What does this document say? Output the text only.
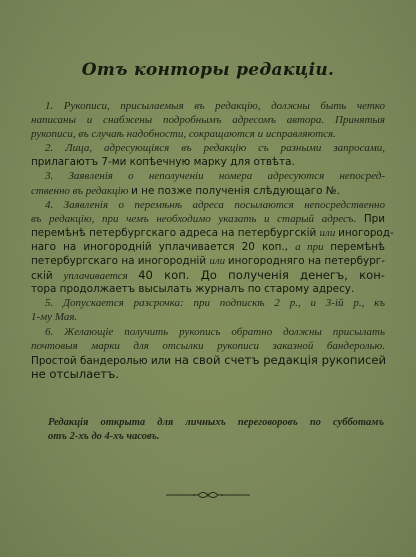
Отъ конторы редакціи.
1. Рукописи, присылаемыя въ редакцію, должны быть четко
написаны и снабжены подробнымъ адресомъ автора. Принятыя
рукописи, въ случаѣ надобности, сокращаются и исправляются.
2. Лица, адресующіяся въ редакцію съ разными запросами,
прилагаютъ 7-ми копѣечную марку для отвѣта.
3. Заявленія о неполученіи номера адресуются непосред-
ственно въ редакцію и не позже полученія слѣдующаго №.
4. Заявленія о перемѣнѣ адреса посылаются непосредственно
въ редакцію, при чемъ необходимо указать и старый адресъ. При
перемѣнѣ петербургскаго адреса на петербургскій или иногород-
наго на иногородній уплачивается 20 коп., а при перемѣнѣ
петербургскаго на иногородній или иногородняго на петербург-
скій уплачивается 40 коп. До полученія денегъ, кон-
тора продолжаетъ высылать журналъ по старому адресу.
5. Допускается разсрочка: при подпискѣ 2 р., и 3-ій р., къ
1-му Мая.
6. Желающіе получить рукопись обратно должны присылать
почтовыя марки для отсылки рукописи заказной бандеролью.
Простой бандеролью или на свой счетъ редакція рукописей
не отсылаетъ.
Редакція открыта для личныхъ переговоровъ по субботамъ
отъ 2-хъ до 4-хъ часовъ.
